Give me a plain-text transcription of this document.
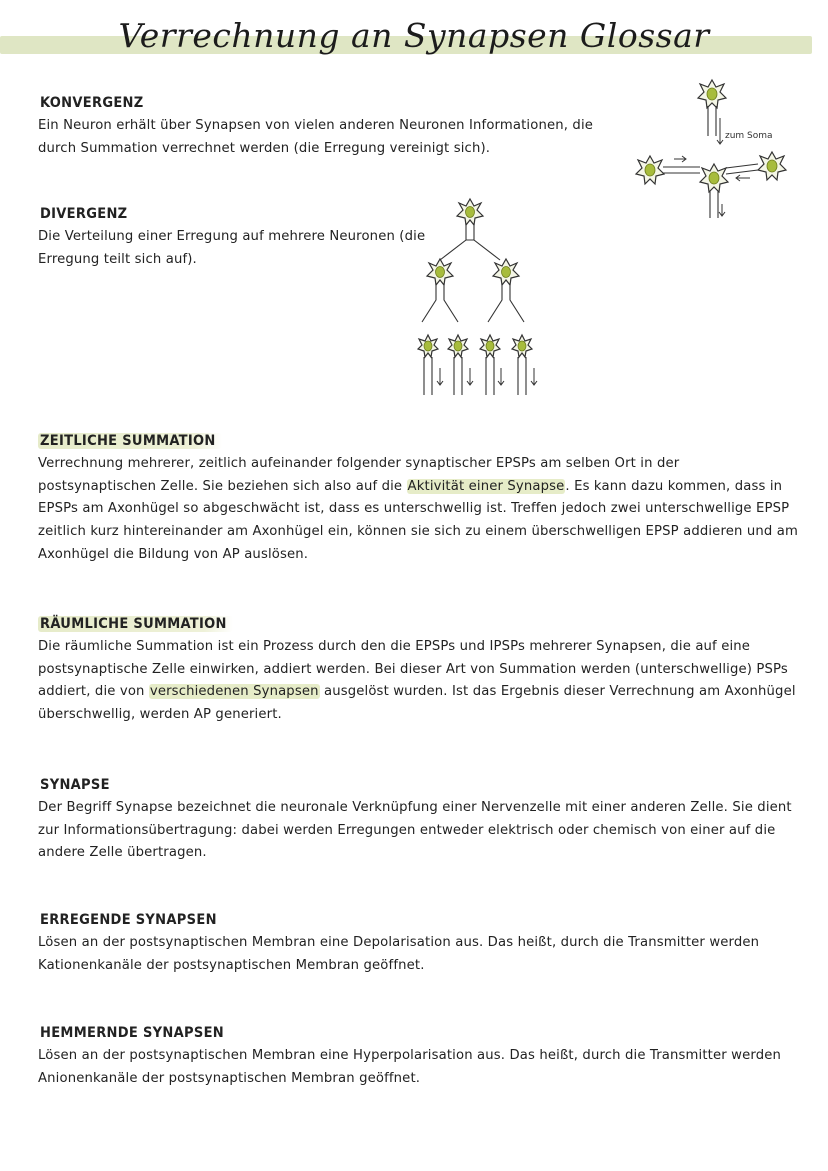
Verrechnung an Synapsen Glossar
KONVERGENZ
Ein Neuron erhält über Synapsen von vielen anderen Neuronen Informationen, die durch Summation verrechnet werden (die Erregung vereinigt sich).
DIVERGENZ
Die Verteilung einer Erregung auf mehrere Neuronen (die Erregung teilt sich auf).
ZEITLICHE SUMMATION
Verrechnung mehrerer, zeitlich aufeinander folgender synaptischer EPSPs am selben Ort in der postsynaptischen Zelle. Sie beziehen sich also auf die Aktivität einer Synapse. Es kann dazu kommen, dass in EPSPs am Axonhügel so abgeschwächt ist, dass es unterschwellig ist. Treffen jedoch zwei unterschwellige EPSP zeitlich kurz hintereinander am Axonhügel ein, können sie sich zu einem überschwelligen EPSP addieren und am Axonhügel die Bildung von AP auslösen.
RÄUMLICHE SUMMATION
Die räumliche Summation ist ein Prozess durch den die EPSPs und IPSPs mehrerer Synapsen, die auf eine postsynaptische Zelle einwirken, addiert werden. Bei dieser Art von Summation werden (unterschwellige) PSPs addiert, die von verschiedenen Synapsen ausgelöst wurden. Ist das Ergebnis dieser Verrechnung am Axonhügel überschwellig, werden AP generiert.
SYNAPSE
Der Begriff Synapse bezeichnet die neuronale Verknüpfung einer Nervenzelle mit einer anderen Zelle. Sie dient zur Informationsübertragung: dabei werden Erregungen entweder elektrisch oder chemisch von einer auf die andere Zelle übertragen.
ERREGENDE SYNAPSEN
Lösen an der postsynaptischen Membran eine Depolarisation aus. Das heißt, durch die Transmitter werden Kationenkanäle der postsynaptischen Membran geöffnet.
HEMMERNDE SYNAPSEN
Lösen an der postsynaptischen Membran eine Hyperpolarisation aus. Das heißt, durch die Transmitter werden Anionenkanäle der postsynaptischen Membran geöffnet.
zum Soma
